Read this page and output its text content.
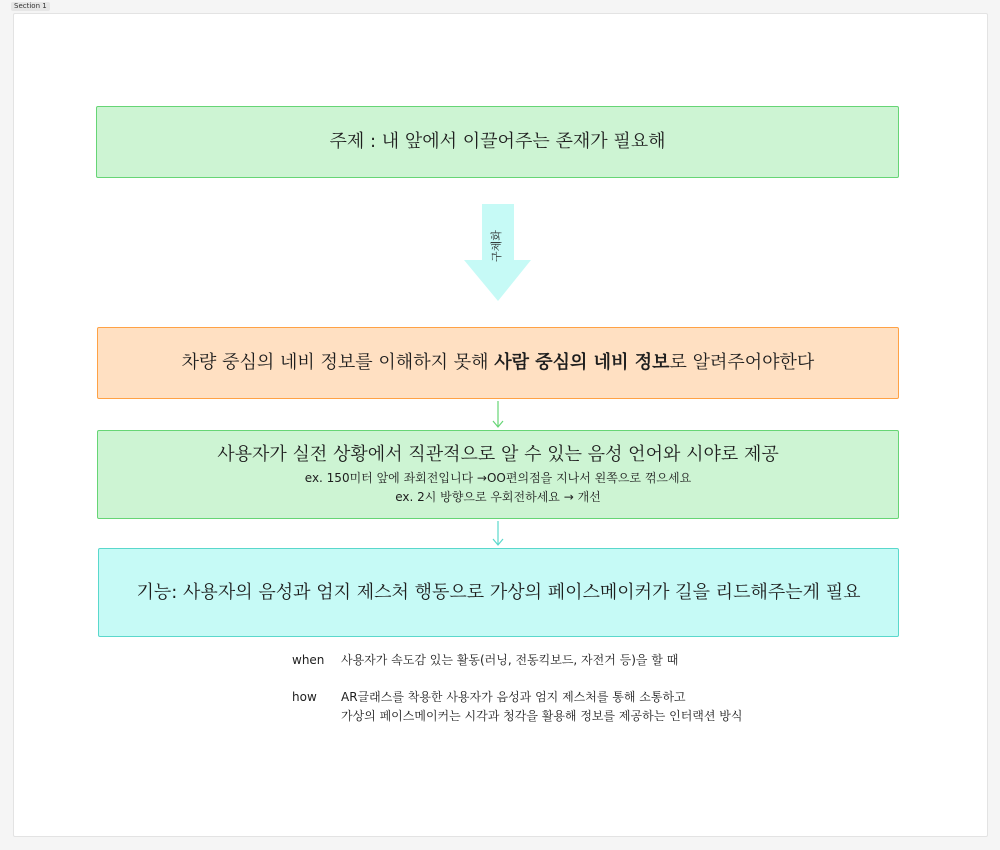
Section 1
주제 : 내 앞에서 이끌어주는 존재가 필요해
구체화
차량 중심의 네비 정보를 이해하지 못해 사람 중심의 네비 정보로 알려주어야한다
사용자가 실전 상황에서 직관적으로 알 수 있는 음성 언어와 시야로 제공
ex. 150미터 앞에 좌회전입니다 →OO편의점을 지나서 왼쪽으로 꺾으세요
ex. 2시 방향으로 우회전하세요 → 개선
기능: 사용자의 음성과 엄지 제스처 행동으로 가상의 페이스메이커가 길을 리드해주는게 필요
when 사용자가 속도감 있는 활동(러닝, 전동킥보드, 자전거 등)을 할 때
how AR글래스를 착용한 사용자가 음성과 엄지 제스처를 통해 소통하고
가상의 페이스메이커는 시각과 청각을 활용해 정보를 제공하는 인터랙션 방식
